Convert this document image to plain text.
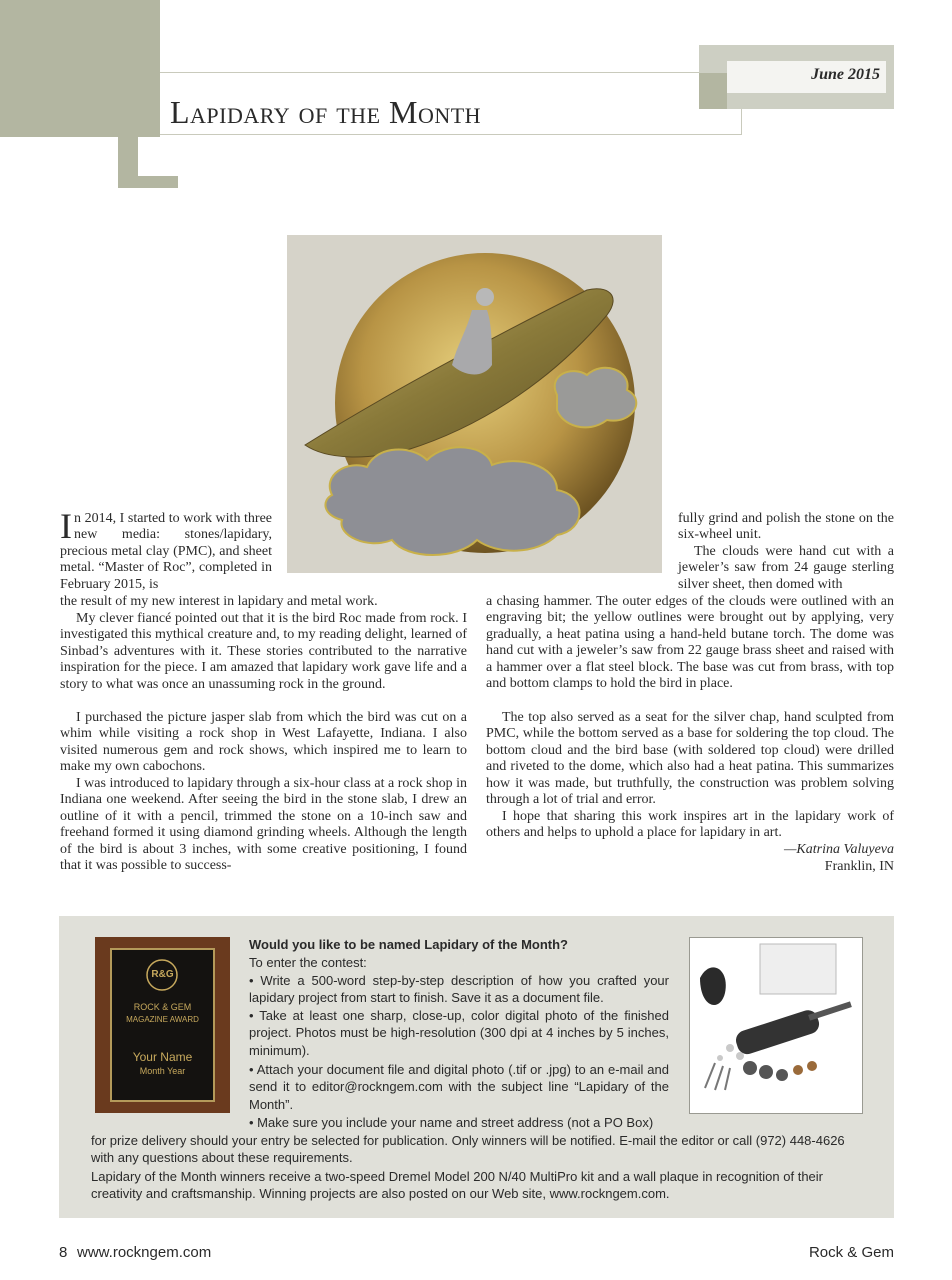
Lapidary of the Month
June 2015
In 2014, I started to work with three new media: stones/lapidary, precious metal clay (PMC), and sheet metal. “Master of Roc”, completed in February 2015, is
the result of my new interest in lapidary and metal work.
My clever fiancé pointed out that it is the bird Roc made from rock. I investigated this mythical creature and, to my reading delight, learned of Sinbad’s adventures with it. These stories contributed to the narrative inspiration for the piece. I am amazed that lapidary work gave life and a story to what was once an unassuming rock in the ground.
I purchased the picture jasper slab from which the bird was cut on a whim while visiting a rock shop in West Lafayette, Indiana. I also visited numerous gem and rock shows, which inspired me to learn to make my own cabochons.
I was introduced to lapidary through a six-hour class at a rock shop in Indiana one weekend. After seeing the bird in the stone slab, I drew an outline of it with a pencil, trimmed the stone on a 10-inch saw and freehand formed it using diamond grinding wheels. Although the length of the bird is about 3 inches, with some creative positioning, I found that it was possible to success-
fully grind and polish the stone on the six-wheel unit.
The clouds were hand cut with a jeweler’s saw from 24 gauge sterling silver sheet, then domed with
a chasing hammer. The outer edges of the clouds were outlined with an engraving bit; the yellow outlines were brought out by applying, very gradually, a heat patina using a hand-held butane torch. The dome was hand cut with a jeweler’s saw from 22 gauge brass sheet and raised with a hammer over a flat steel block. The base was cut from brass, with top and bottom clamps to hold the bird in place.
The top also served as a seat for the silver chap, hand sculpted from PMC, while the bottom served as a base for soldering the top cloud. The bottom cloud and the bird base (with soldered top cloud) were drilled and riveted to the dome, which also had a heat patina. This summarizes how it was made, but truthfully, the construction was problem solving through a lot of trial and error.
I hope that sharing this work inspires art in the lapidary work of others and helps to uphold a place for lapidary in art.
—Katrina Valuyeva
Franklin, IN
R&G
ROCK & GEM
MAGAZINE AWARD
Your Name
Month Year
Would you like to be named Lapidary of the Month?
To enter the contest:
• Write a 500-word step-by-step description of how you crafted your lapidary project from start to finish. Save it as a document file.
• Take at least one sharp, close-up, color digital photo of the finished project. Photos must be high-resolution (300 dpi at 4 inches by 5 inches, minimum).
• Attach your document file and digital photo (.tif or .jpg) to an e-mail and send it to editor@rockngem.com with the subject line “Lapidary of the Month”.
• Make sure you include your name and street address (not a PO Box)
for prize delivery should your entry be selected for publication. Only winners will be notified. E-mail the editor or call (972) 448-4626 with any questions about these requirements.
Lapidary of the Month winners receive a two-speed Dremel Model 200 N/40 MultiPro kit and a wall plaque in recognition of their creativity and craftsmanship. Winning projects are also posted on our Web site, www.rockngem.com.
8 www.rockngem.com	Rock & Gem
